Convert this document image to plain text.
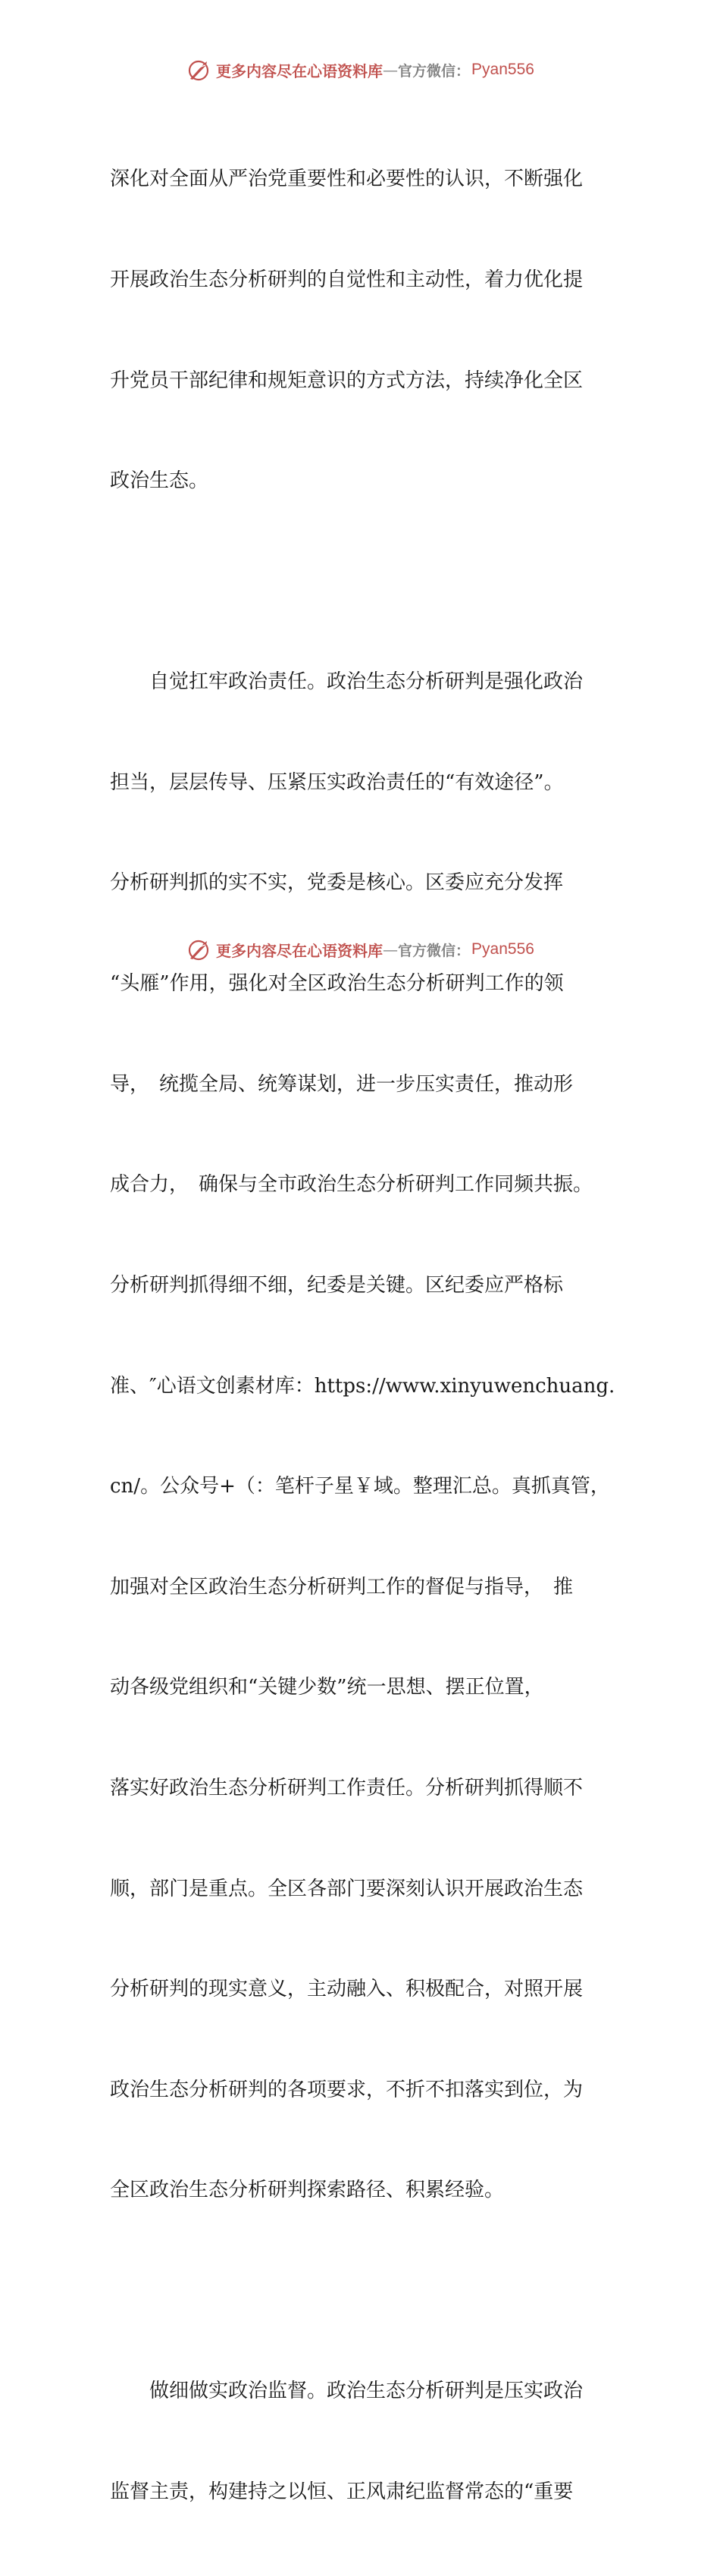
更多内容尽在心语资料库 — 官方微信： Pyan556

深化对全面从严治党重要性和必要性的认识，不断强化

开展政治生态分析研判的自觉性和主动性，着力优化提

升党员干部纪律和规矩意识的方式方法，持续净化全区

政治生态。

　　自觉扛牢政治责任。政治生态分析研判是强化政治

担当，层层传导、压紧压实政治责任的“有效途径”。

分析研判抓的实不实，党委是核心。区委应充分发挥

“头雁”作用，强化对全区政治生态分析研判工作的领

导，　统揽全局、统筹谋划，进一步压实责任，推动形

成合力，　确保与全市政治生态分析研判工作同频共振。

分析研判抓得细不细，纪委是关键。区纪委应严格标

准、″心语文创素材库：https://www.xinyuwenchuang.

cn/。公众号+（：笔杆子星￥域。整理汇总。真抓真管，

加强对全区政治生态分析研判工作的督促与指导，　推

动各级党组织和“关键少数”统一思想、摆正位置，

落实好政治生态分析研判工作责任。分析研判抓得顺不

顺，部门是重点。全区各部门要深刻认识开展政治生态

分析研判的现实意义，主动融入、积极配合，对照开展

政治生态分析研判的各项要求，不折不扣落实到位，为

全区政治生态分析研判探索路径、积累经验。

　　做细做实政治监督。政治生态分析研判是压实政治

监督主责，构建持之以恒、正风肃纪监督常态的“重要

更多内容尽在心语资料库 — 官方微信： Pyan556
